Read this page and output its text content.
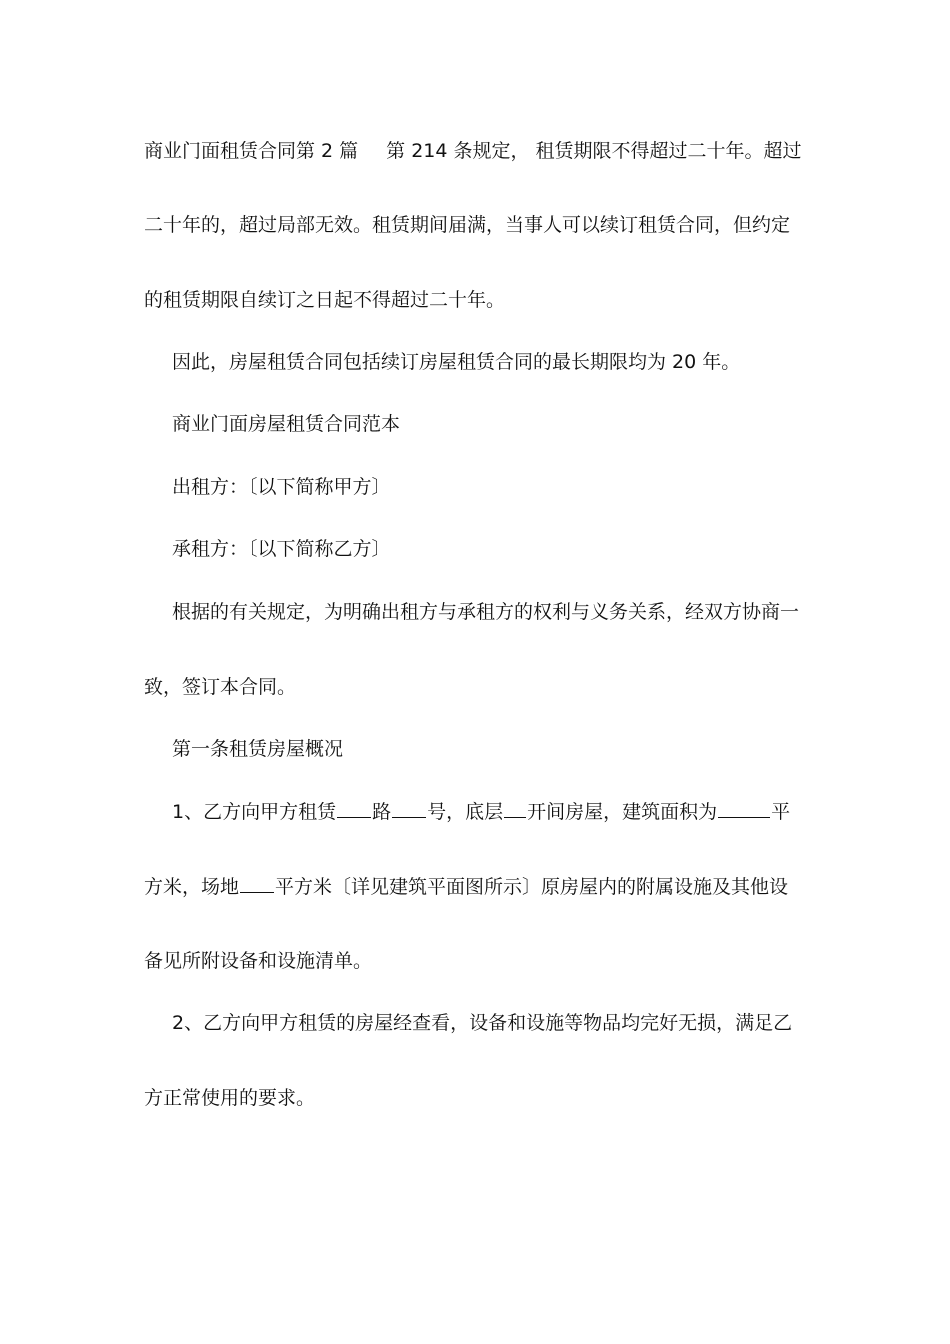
商业门面租赁合同第 2 篇 第 214 条规定， 租赁期限不得超过二十年。超过
二十年的，超过局部无效。租赁期间届满，当事人可以续订租赁合同，但约定
的租赁期限自续订之日起不得超过二十年。
因此，房屋租赁合同包括续订房屋租赁合同的最长期限均为 20 年。
商业门面房屋租赁合同范本
出租方：〔以下简称甲方〕
承租方：〔以下简称乙方〕
根据的有关规定，为明确出租方与承租方的权利与义务关系，经双方协商一
致，签订本合同。
第一条租赁房屋概况
1、乙方向甲方租赁 路 号，底层 开间房屋，建筑面积为	平
方米，场地 平方米〔详见建筑平面图所示〕原房屋内的附属设施及其他设
备见所附设备和设施清单。
2、乙方向甲方租赁的房屋经查看，设备和设施等物品均完好无损，满足乙
方正常使用的要求。
